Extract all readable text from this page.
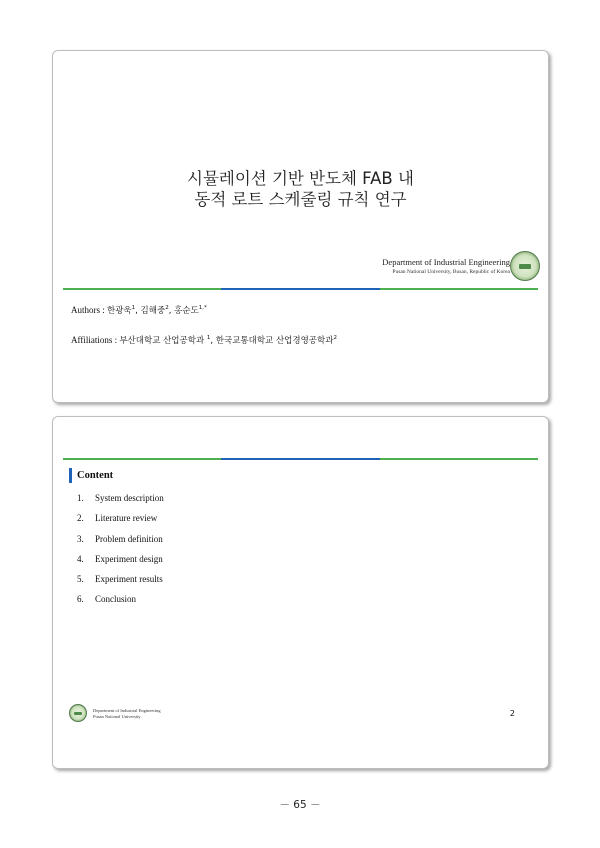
시뮬레이션 기반 반도체 FAB 내
동적 로트 스케줄링 규칙 연구
Department of Industrial Engineering
Pusan National University, Busan, Republic of Korea
Authors : 한광욱$^1$, 김해중$^2$, 홍순도$^{1,*}$
Affiliations : 부산대학교 산업공학과 $^1$, 한국교통대학교 산업경영공학과$^2$
Content
1.	System description
2.	Literature review
3.	Problem definition
4.	Experiment design
5.	Experiment results
6.	Conclusion
Department of Industrial Engineering
Pusan National University	2
－ 65 －
